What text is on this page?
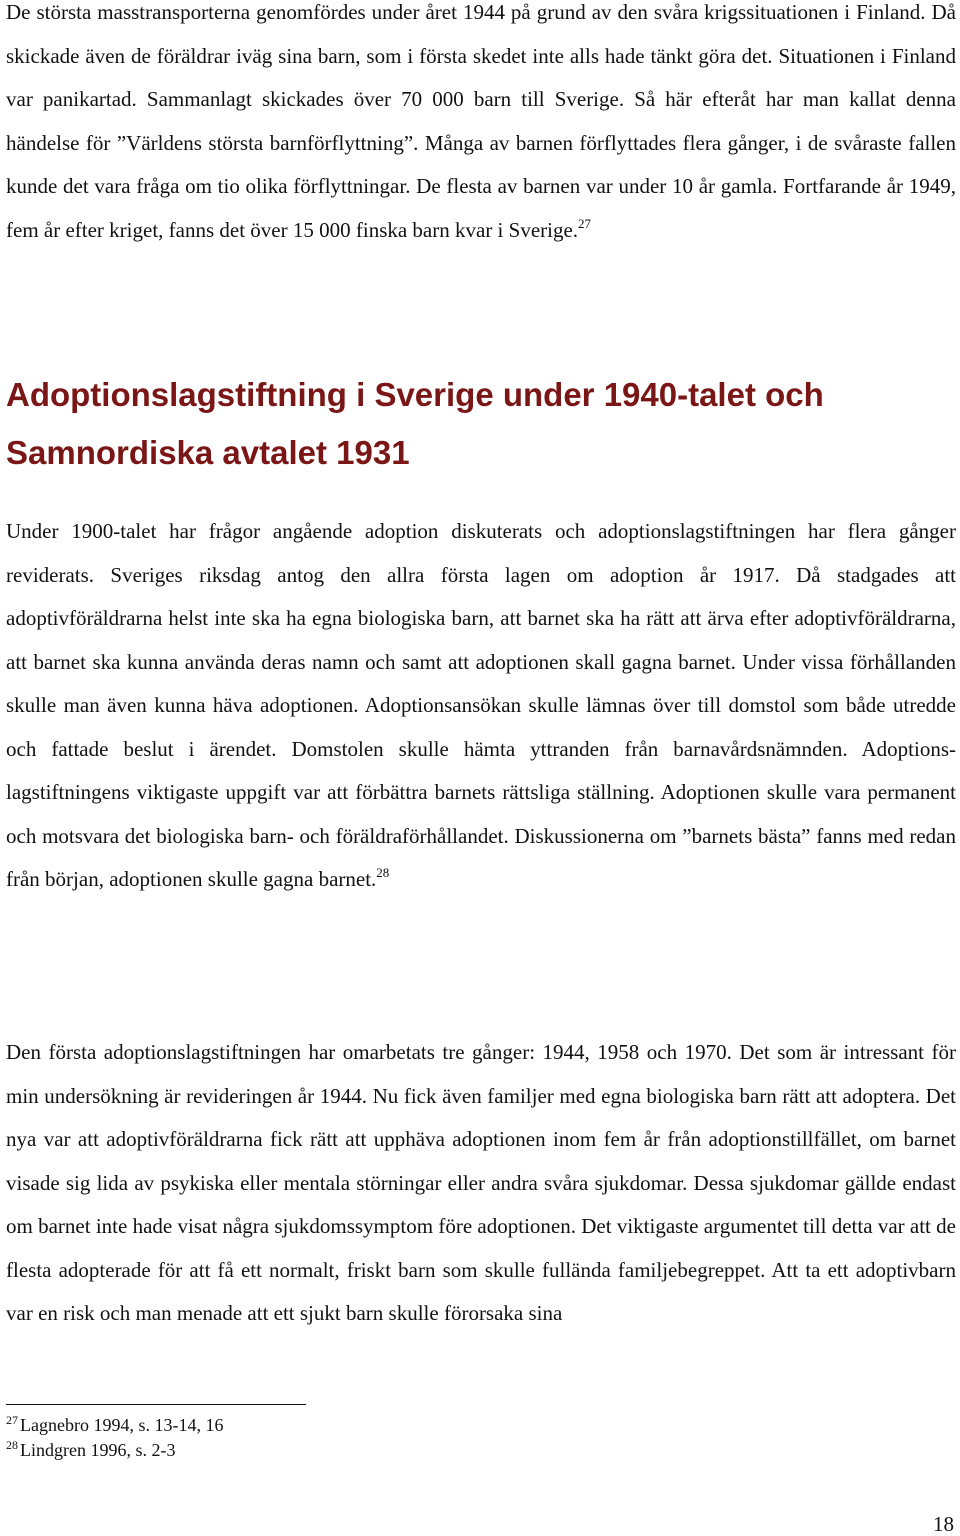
De största masstransporterna genomfördes under året 1944 på grund av den svåra krigssituationen i Finland. Då skickade även de föräldrar iväg sina barn, som i första skedet inte alls hade tänkt göra det. Situationen i Finland var panikartad. Sammanlagt skickades över 70 000 barn till Sverige. Så här efteråt har man kallat denna händelse för ”Världens största barnförflyttning”. Många av barnen förflyttades flera gånger, i de svåraste fallen kunde det vara fråga om tio olika förflyttningar. De flesta av barnen var under 10 år gamla. Fortfarande år 1949, fem år efter kriget, fanns det över 15 000 finska barn kvar i Sverige.$^{27}$

Adoptionslagstiftning i Sverige under 1940-talet och Samnordiska avtalet 1931

Under 1900-talet har frågor angående adoption diskuterats och adoptionslagstiftningen har flera gånger reviderats. Sveriges riksdag antog den allra första lagen om adoption år 1917. Då stadgades att adoptivföräldrarna helst inte ska ha egna biologiska barn, att barnet ska ha rätt att ärva efter adoptivföräldrarna, att barnet ska kunna använda deras namn och samt att adoptionen skall gagna barnet. Under vissa förhållanden skulle man även kunna häva adoptionen. Adoptionsansökan skulle lämnas över till domstol som både utredde och fattade beslut i ärendet. Domstolen skulle hämta yttranden från barnavårdsnämnden. Adoptionslagstiftningens viktigaste uppgift var att förbättra barnets rättsliga ställning. Adoptionen skulle vara permanent och motsvara det biologiska barn- och föräldraförhållandet. Diskussionerna om ”barnets bästa” fanns med redan från början, adoptionen skulle gagna barnet.$^{28}$

Den första adoptionslagstiftningen har omarbetats tre gånger: 1944, 1958 och 1970. Det som är intressant för min undersökning är revideringen år 1944. Nu fick även familjer med egna biologiska barn rätt att adoptera. Det nya var att adoptivföräldrarna fick rätt att upphäva adoptionen inom fem år från adoptionstillfället, om barnet visade sig lida av psykiska eller mentala störningar eller andra svåra sjukdomar. Dessa sjukdomar gällde endast om barnet inte hade visat några sjukdomssymptom före adoptionen. Det viktigaste argumentet till detta var att de flesta adopterade för att få ett normalt, friskt barn som skulle fullända familjebegreppet. Att ta ett adoptivbarn var en risk och man menade att ett sjukt barn skulle förorsaka sina

$^{27}$ Lagnebro 1994, s. 13-14, 16
$^{28}$ Lindgren 1996, s. 2-3
18
